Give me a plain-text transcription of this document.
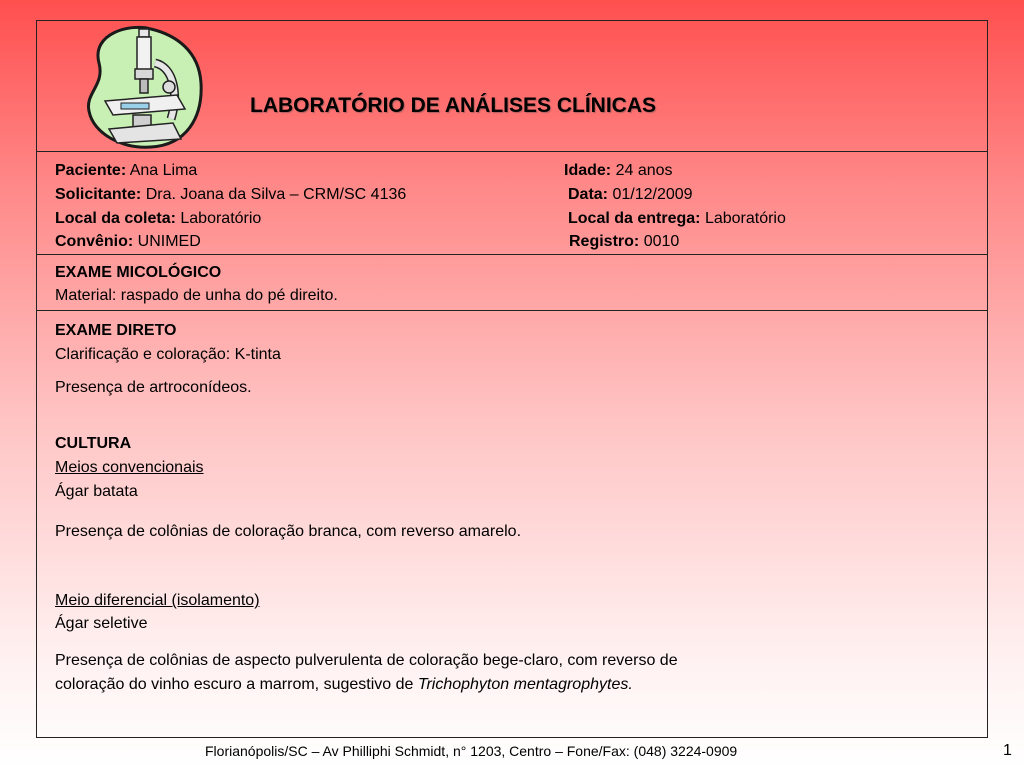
LABORATÓRIO DE ANÁLISES CLÍNICAS
Paciente: Ana Lima	Idade: 24 anos
Solicitante: Dra. Joana da Silva – CRM/SC 4136	Data: 01/12/2009
Local da coleta: Laboratório	Local da entrega: Laboratório
Convênio: UNIMED	Registro: 0010
EXAME MICOLÓGICO
Material: raspado de unha do pé direito.
EXAME DIRETO
Clarificação e coloração: K-tinta
Presença de artroconídeos.
CULTURA
Meios convencionais
Ágar batata
Presença de colônias de coloração branca, com reverso amarelo.
Meio diferencial (isolamento)
Ágar seletive
Presença de colônias de aspecto pulverulenta de coloração bege-claro, com reverso de
coloração do vinho escuro a marrom, sugestivo de Trichophyton mentagrophytes.
Florianópolis/SC – Av Philliphi Schmidt, n° 1203, Centro – Fone/Fax: (048) 3224-0909	1
